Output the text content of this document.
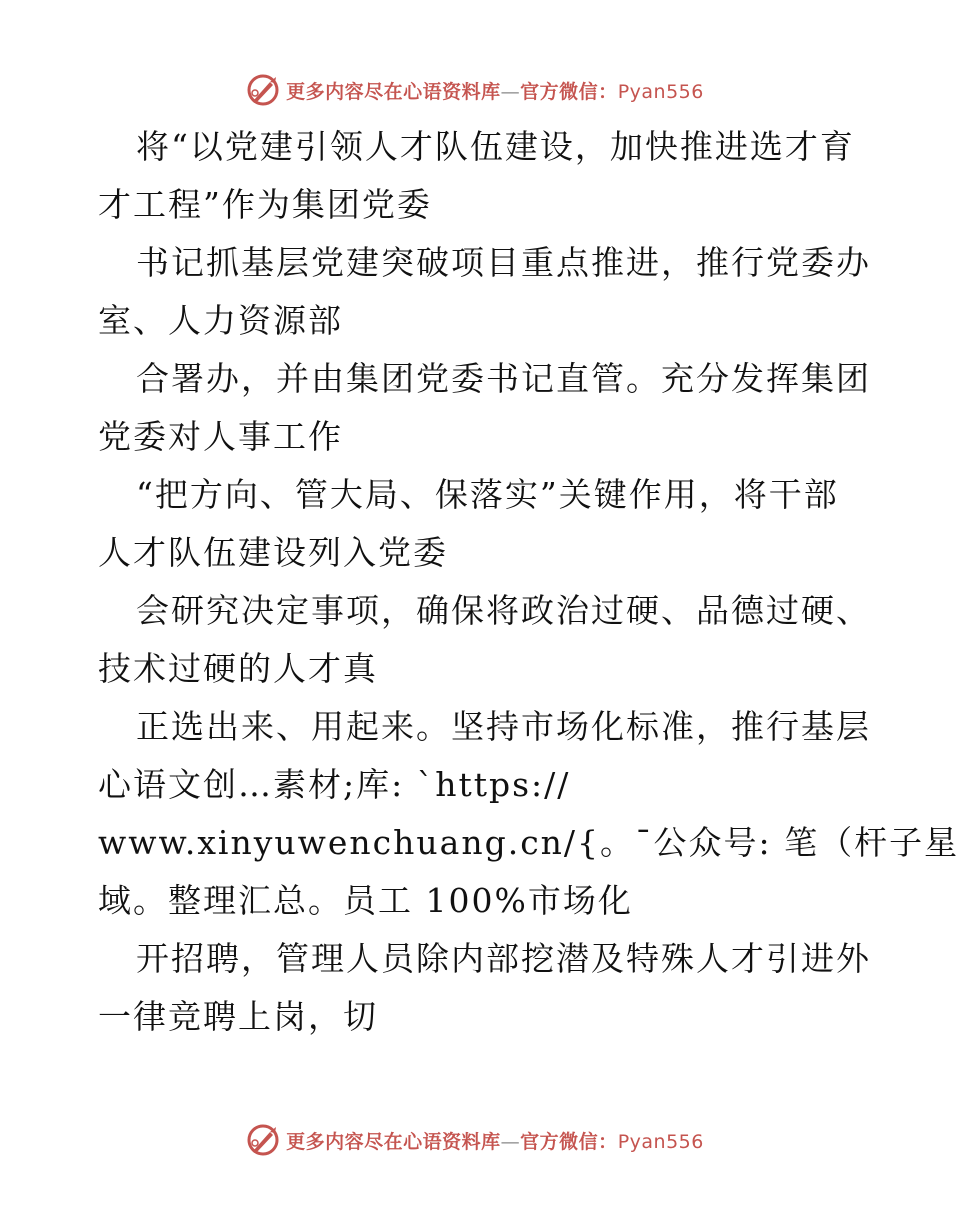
更多内容尽在心语资料库—官方微信：Pyan556
将“以党建引领人才队伍建设，加快推进选才育
才工程”作为集团党委
书记抓基层党建突破项目重点推进，推行党委办
室、人力资源部
合署办，并由集团党委书记直管。充分发挥集团
党委对人事工作
“把方向、管大局、保落实”关键作用，将干部
人才队伍建设列入党委
会研究决定事项，确保将政治过硬、品德过硬、
技术过硬的人才真
正选出来、用起来。坚持市场化标准，推行基层
心语文创…素材;库: `https://
www.xinyuwenchuang.cn/{。¯公众号: 笔（杆子星
域。整理汇总。员工 100%市场化
开招聘，管理人员除内部挖潜及特殊人才引进外
一律竞聘上岗，切
更多内容尽在心语资料库—官方微信：Pyan556
